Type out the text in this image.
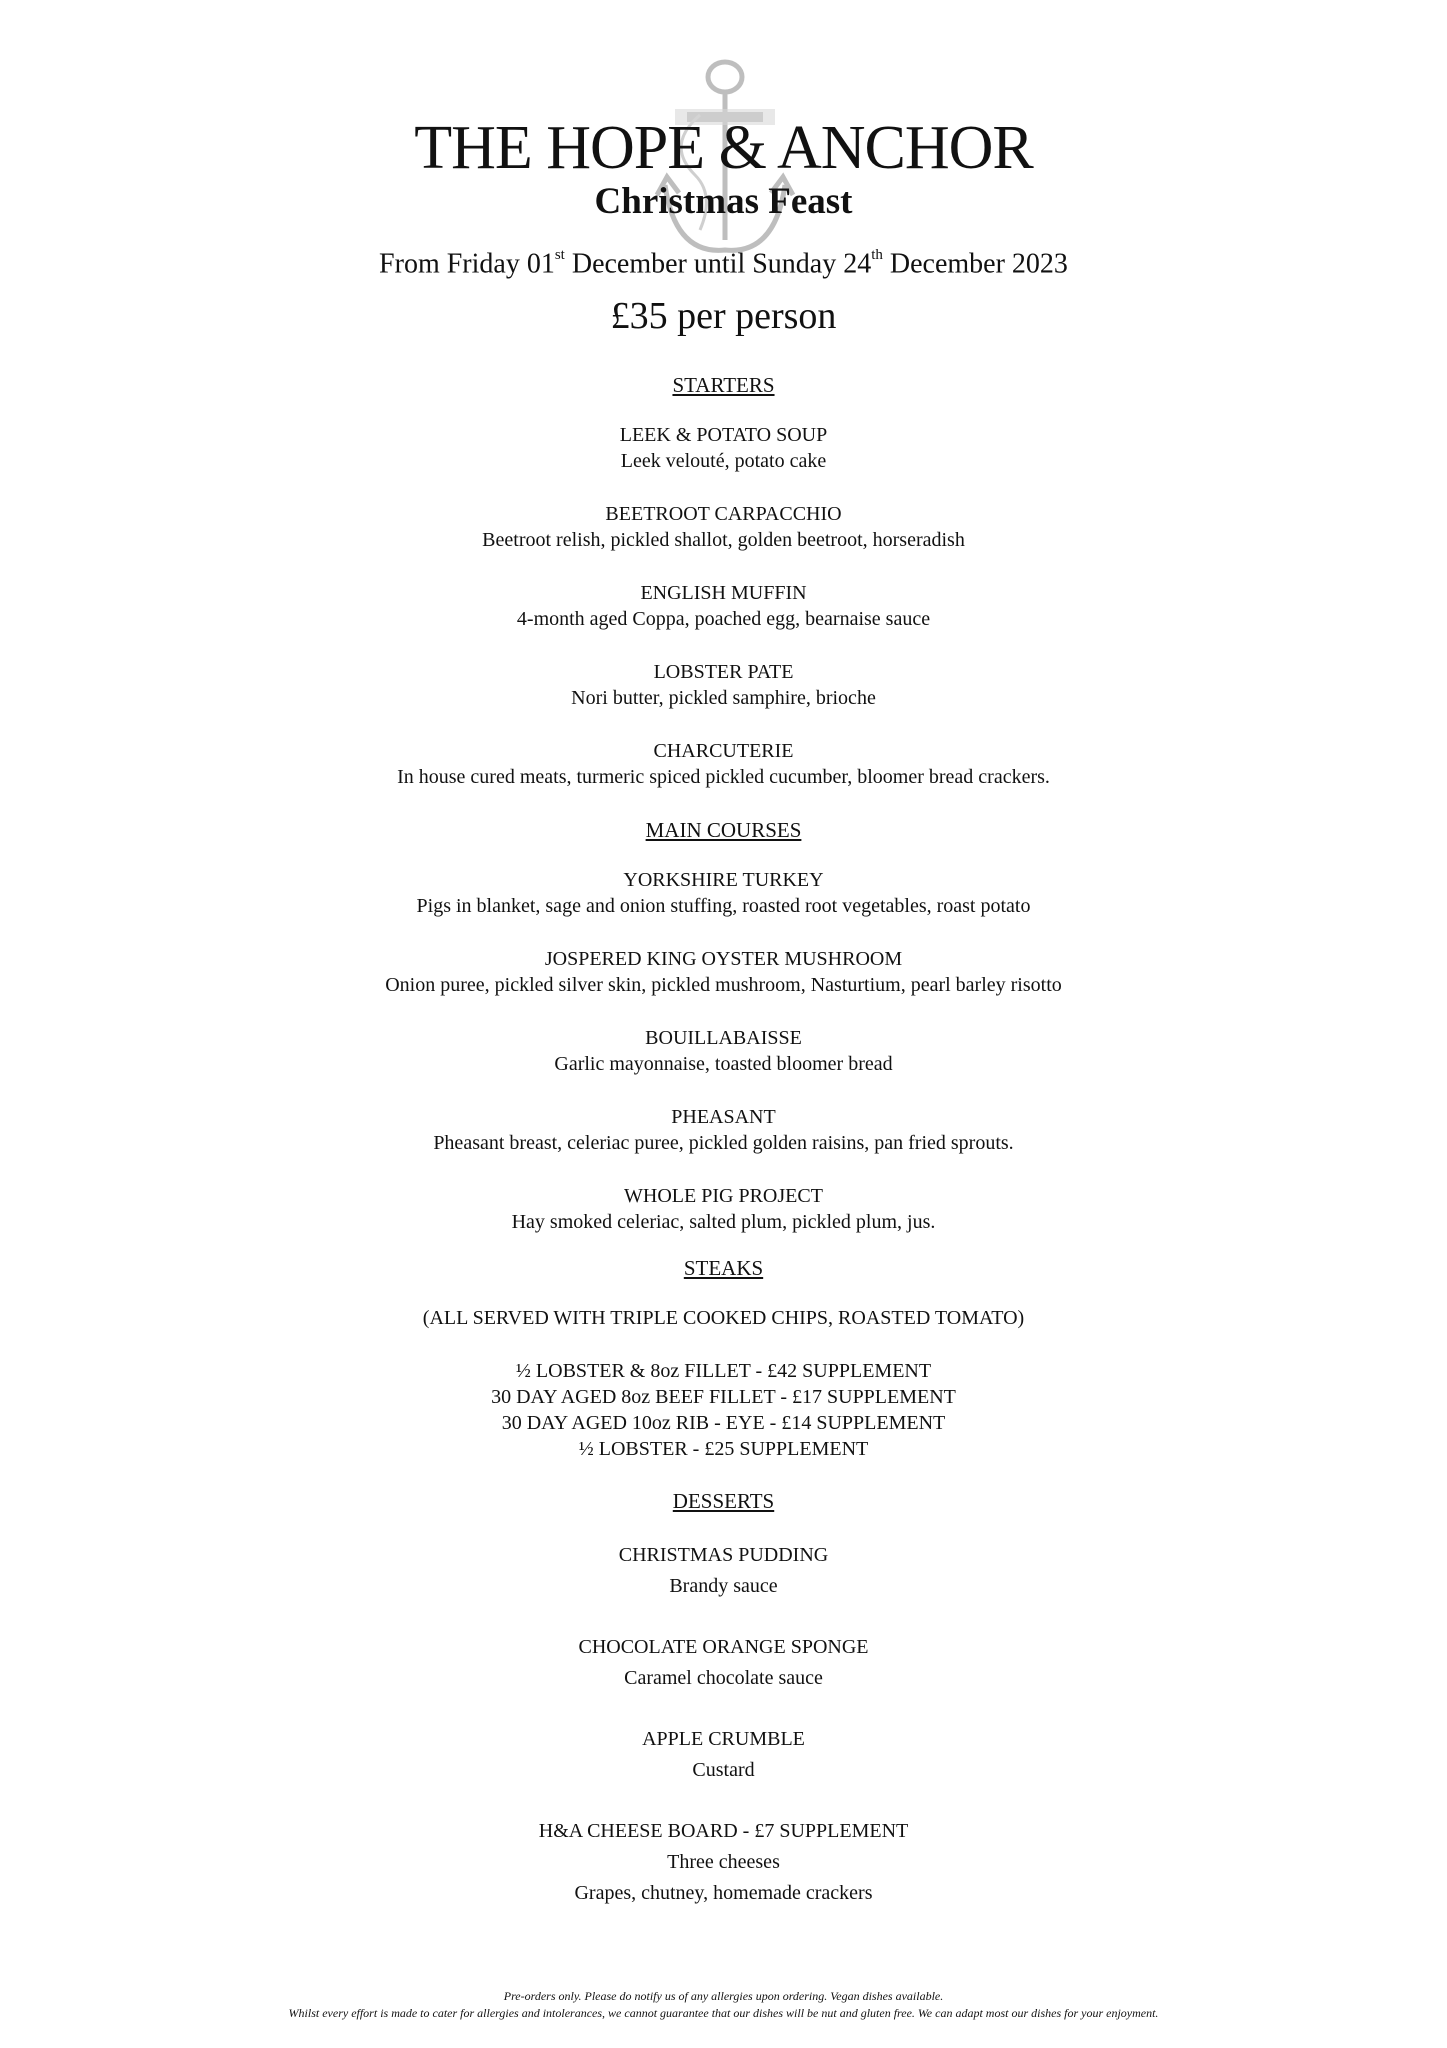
THE HOPE & ANCHOR
Christmas Feast
From Friday 01st December until Sunday 24th December 2023
£35 per person
STARTERS
LEEK & POTATO SOUP
Leek velouté, potato cake
BEETROOT CARPACCHIO
Beetroot relish, pickled shallot, golden beetroot, horseradish
ENGLISH MUFFIN
4-month aged Coppa, poached egg, bearnaise sauce
LOBSTER PATE
Nori butter, pickled samphire, brioche
CHARCUTERIE
In house cured meats, turmeric spiced pickled cucumber, bloomer bread crackers.
MAIN COURSES
YORKSHIRE TURKEY
Pigs in blanket, sage and onion stuffing, roasted root vegetables, roast potato
JOSPERED KING OYSTER MUSHROOM
Onion puree, pickled silver skin, pickled mushroom, Nasturtium, pearl barley risotto
BOUILLABAISSE
Garlic mayonnaise, toasted bloomer bread
PHEASANT
Pheasant breast, celeriac puree, pickled golden raisins, pan fried sprouts.
WHOLE PIG PROJECT
Hay smoked celeriac, salted plum, pickled plum, jus.
STEAKS
(ALL SERVED WITH TRIPLE COOKED CHIPS, ROASTED TOMATO)
½ LOBSTER & 8oz FILLET - £42 SUPPLEMENT
30 DAY AGED 8oz BEEF FILLET - £17 SUPPLEMENT
30 DAY AGED 10oz RIB - EYE - £14 SUPPLEMENT
½ LOBSTER - £25 SUPPLEMENT
DESSERTS
CHRISTMAS PUDDING
Brandy sauce
CHOCOLATE ORANGE SPONGE
Caramel chocolate sauce
APPLE CRUMBLE
Custard
H&A CHEESE BOARD - £7 SUPPLEMENT
Three cheeses
Grapes, chutney, homemade crackers
Pre-orders only. Please do notify us of any allergies upon ordering. Vegan dishes available.
Whilst every effort is made to cater for allergies and intolerances, we cannot guarantee that our dishes will be nut and gluten free. We can adapt most our dishes for your enjoyment.
